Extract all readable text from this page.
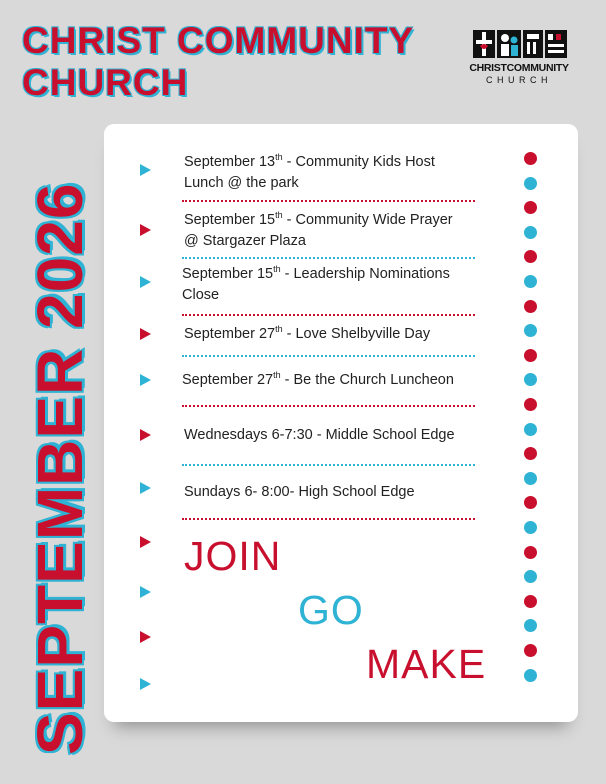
CHRIST COMMUNITY
CHURCH	CHRISTCOMMUNITY
CHURCH
SEPTEMBER 2026
September 13th - Community Kids Host
Lunch @ the park
September 15th - Community Wide Prayer
@ Stargazer Plaza
September 15th - Leadership Nominations
Close
September 27th - Love Shelbyville Day
September 27th - Be the Church Luncheon
Wednesdays 6-7:30 - Middle School Edge
Sundays 6- 8:00- High School Edge
JOIN
GO
MAKE
